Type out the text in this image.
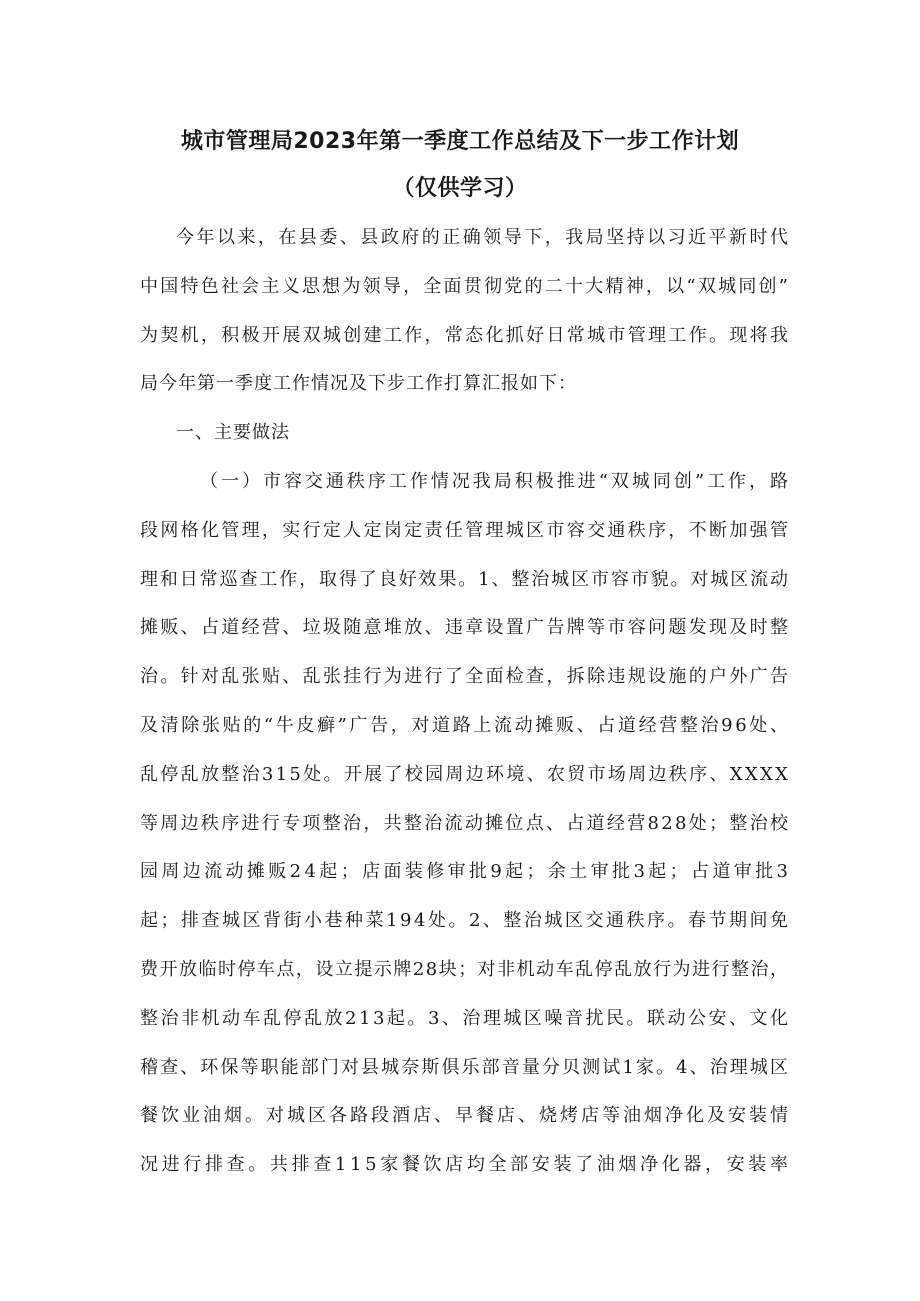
城市管理局2023年第一季度工作总结及下一步工作计划
（仅供学习）

今年以来，在县委、县政府的正确领导下，我局坚持以习近平新时代

中国特色社会主义思想为领导，全面贯彻党的二十大精神，以“双城同创”

为契机，积极开展双城创建工作，常态化抓好日常城市管理工作。现将我

局今年第一季度工作情况及下步工作打算汇报如下：

一、主要做法

（一）市容交通秩序工作情况我局积极推进“双城同创”工作，路

段网格化管理，实行定人定岗定责任管理城区市容交通秩序，不断加强管

理和日常巡查工作，取得了良好效果。1、整治城区市容市貌。对城区流动

摊贩、占道经营、垃圾随意堆放、违章设置广告牌等市容问题发现及时整

治。针对乱张贴、乱张挂行为进行了全面检查，拆除违规设施的户外广告

及清除张贴的“牛皮癣”广告，对道路上流动摊贩、占道经营整治96处、

乱停乱放整治315处。开展了校园周边环境、农贸市场周边秩序、XXXX

等周边秩序进行专项整治，共整治流动摊位点、占道经营828处；整治校

园周边流动摊贩24起；店面装修审批9起；余土审批3起；占道审批3

起；排查城区背街小巷种菜194处。2、整治城区交通秩序。春节期间免

费开放临时停车点，设立提示牌28块；对非机动车乱停乱放行为进行整治，

整治非机动车乱停乱放213起。3、治理城区噪音扰民。联动公安、文化

稽查、环保等职能部门对县城奈斯俱乐部音量分贝测试1家。4、治理城区

餐饮业油烟。对城区各路段酒店、早餐店、烧烤店等油烟净化及安装情

况进行排查。共排查115家餐饮店均全部安装了油烟净化器，安装率
